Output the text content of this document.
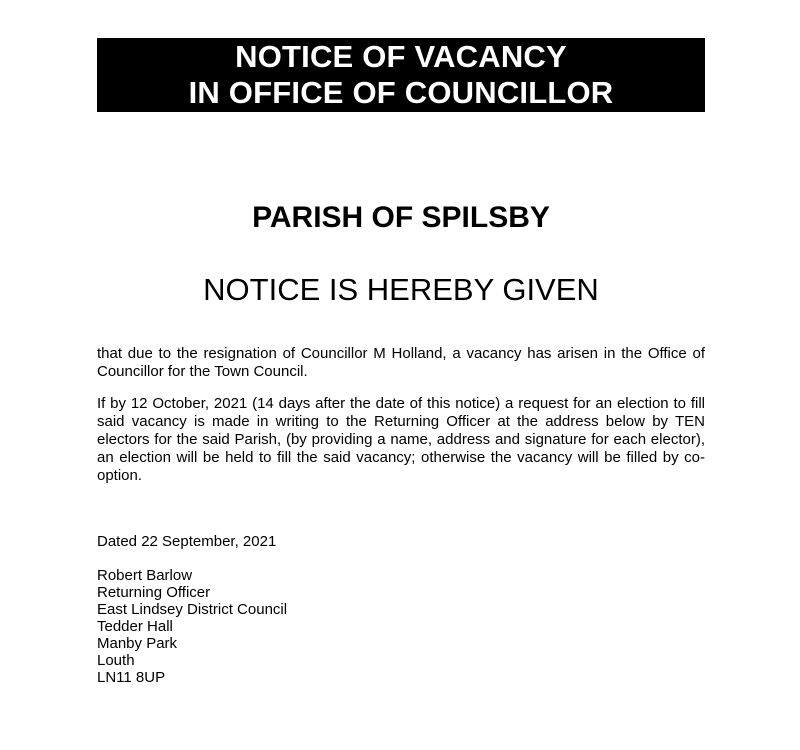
NOTICE OF VACANCY
IN OFFICE OF COUNCILLOR
PARISH OF SPILSBY
NOTICE IS HEREBY GIVEN

that due to the resignation of Councillor M Holland, a vacancy has arisen in the Office of Councillor for the Town Council.

If by 12 October, 2021 (14 days after the date of this notice) a request for an election to fill said vacancy is made in writing to the Returning Officer at the address below by TEN electors for the said Parish, (by providing a name, address and signature for each elector), an election will be held to fill the said vacancy; otherwise the vacancy will be filled by co-option.

Dated 22 September, 2021
Robert Barlow
Returning Officer
East Lindsey District Council
Tedder Hall
Manby Park
Louth
LN11 8UP
